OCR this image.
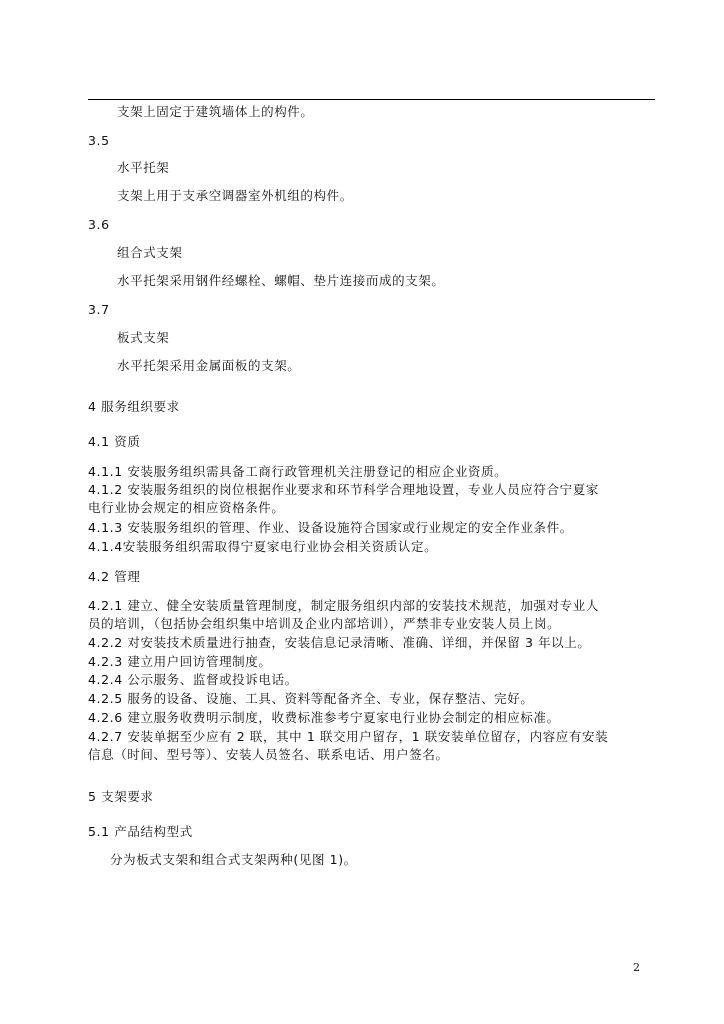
支架上固定于建筑墙体上的构件。
3.5
水平托架
支架上用于支承空调器室外机组的构件。
3.6
组合式支架
水平托架采用钢件经螺栓、螺帽、垫片连接而成的支架。
3.7
板式支架
水平托架采用金属面板的支架。
4 服务组织要求
4.1 资质
4.1.1 安装服务组织需具备工商行政管理机关注册登记的相应企业资质。
4.1.2 安装服务组织的岗位根据作业要求和环节科学合理地设置，专业人员应符合宁夏家
电行业协会规定的相应资格条件。
4.1.3 安装服务组织的管理、作业、设备设施符合国家或行业规定的安全作业条件。
4.1.4安装服务组织需取得宁夏家电行业协会相关资质认定。
4.2 管理
4.2.1 建立、健全安装质量管理制度，制定服务组织内部的安装技术规范，加强对专业人
员的培训，（包括协会组织集中培训及企业内部培训），严禁非专业安装人员上岗。
4.2.2 对安装技术质量进行抽查，安装信息记录清晰、准确、详细，并保留 3 年以上。
4.2.3 建立用户回访管理制度。
4.2.4 公示服务、监督或投诉电话。
4.2.5 服务的设备、设施、工具、资料等配备齐全、专业，保存整洁、完好。
4.2.6 建立服务收费明示制度，收费标准参考宁夏家电行业协会制定的相应标准。
4.2.7 安装单据至少应有 2 联，其中 1 联交用户留存，1 联安装单位留存，内容应有安装
信息（时间、型号等）、安装人员签名、联系电话、用户签名。
5 支架要求
5.1 产品结构型式
分为板式支架和组合式支架两种(见图 1)。
2
